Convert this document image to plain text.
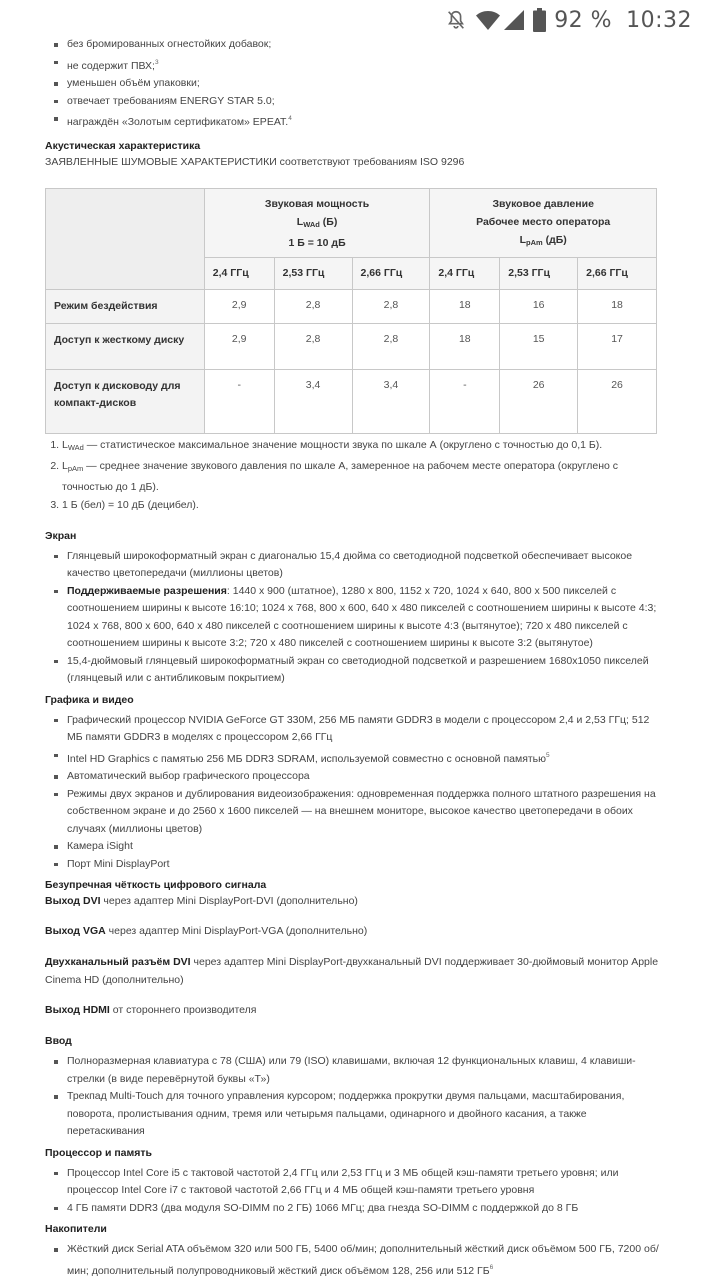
92 % 10:32
без бромированных огнестойких добавок;
не содержит ПВХ;$^3$
уменьшен объём упаковки;
отвечает требованиям ENERGY STAR 5.0;
награждён «Золотым сертификатом» EPEAT.$^4$
Акустическая характеристика
ЗАЯВЛЕННЫЕ ШУМОВЫЕ ХАРАКТЕРИСТИКИ соответствуют требованиям ISO 9296

Звуковая мощность
$L_{WAd}$ (Б)
1 Б = 10 дБ

Звуковое давление
Рабочее место оператора
$L_{pAm}$ (дБ)

	2,4 ГГц	2,53 ГГц	2,66 ГГц	2,4 ГГц	2,53 ГГц	2,66 ГГц
Режим бездействия	2,9	2,8	2,8	18	16	18
Доступ к жесткому диску	2,9	2,8	2,8	18	15	17
Доступ к дисководу для компакт-дисков	-	3,4	3,4	-	26	26
1. $L_{WAd}$ — статистическое максимальное значение мощности звука по шкале А (округлено с точностью до 0,1 Б).
2. $L_{pAm}$ — среднее значение звукового давления по шкале А, замеренное на рабочем месте оператора (округлено с точностью до 1 дБ).
3. 1 Б (бел) = 10 дБ (децибел).
Экран
Глянцевый широкоформатный экран с диагональю 15,4 дюйма со светодиодной подсветкой обеспечивает высокое качество цветопередачи (миллионы цветов)
Поддерживаемые разрешения: 1440 x 900 (штатное), 1280 x 800, 1152 x 720, 1024 x 640, 800 x 500 пикселей с соотношением ширины к высоте 16:10; 1024 x 768, 800 x 600, 640 x 480 пикселей с соотношением ширины к высоте 4:3; 1024 x 768, 800 x 600, 640 x 480 пикселей с соотношением ширины к высоте 4:3 (вытянутое); 720 x 480 пикселей с соотношением ширины к высоте 3:2; 720 x 480 пикселей с соотношением ширины к высоте 3:2 (вытянутое)
15,4-дюймовый глянцевый широкоформатный экран со светодиодной подсветкой и разрешением 1680x1050 пикселей (глянцевый или с антибликовым покрытием)
Графика и видео
Графический процессор NVIDIA GeForce GT 330M, 256 МБ памяти GDDR3 в модели с процессором 2,4 и 2,53 ГГц; 512 МБ памяти GDDR3 в моделях с процессором 2,66 ГГц
Intel HD Graphics с памятью 256 МБ DDR3 SDRAM, используемой совместно с основной памятью$^5$
Автоматический выбор графического процессора
Режимы двух экранов и дублирования видеоизображения: одновременная поддержка полного штатного разрешения на собственном экране и до 2560 x 1600 пикселей — на внешнем мониторе, высокое качество цветопередачи в обоих случаях (миллионы цветов)
Камера iSight
Порт Mini DisplayPort
Безупречная чёткость цифрового сигнала
Выход DVI через адаптер Mini DisplayPort-DVI (дополнительно)
Выход VGA через адаптер Mini DisplayPort-VGA (дополнительно)
Двухканальный разъём DVI через адаптер Mini DisplayPort-двухканальный DVI поддерживает 30-дюймовый монитор Apple Cinema HD (дополнительно)
Выход HDMI от стороннего производителя
Ввод
Полноразмерная клавиатура с 78 (США) или 79 (ISO) клавишами, включая 12 функциональных клавиш, 4 клавиши-стрелки (в виде перевёрнутой буквы «Т»)
Трекпад Multi-Touch для точного управления курсором; поддержка прокрутки двумя пальцами, масштабирования, поворота, пролистывания одним, тремя или четырьмя пальцами, одинарного и двойного касания, а также перетаскивания
Процессор и память
Процессор Intel Core i5 с тактовой частотой 2,4 ГГц или 2,53 ГГц и 3 МБ общей кэш-памяти третьего уровня; или процессор Intel Core i7 с тактовой частотой 2,66 ГГц и 4 МБ общей кэш-памяти третьего уровня
4 ГБ памяти DDR3 (два модуля SO-DIMM по 2 ГБ) 1066 МГц; два гнезда SO-DIMM с поддержкой до 8 ГБ
Накопители
Жёсткий диск Serial ATA объёмом 320 или 500 ГБ, 5400 об/мин; дополнительный жёсткий диск объёмом 500 ГБ, 7200 об/мин; дополнительный полупроводниковый жёсткий диск объёмом 128, 256 или 512 $ГБ^6$
